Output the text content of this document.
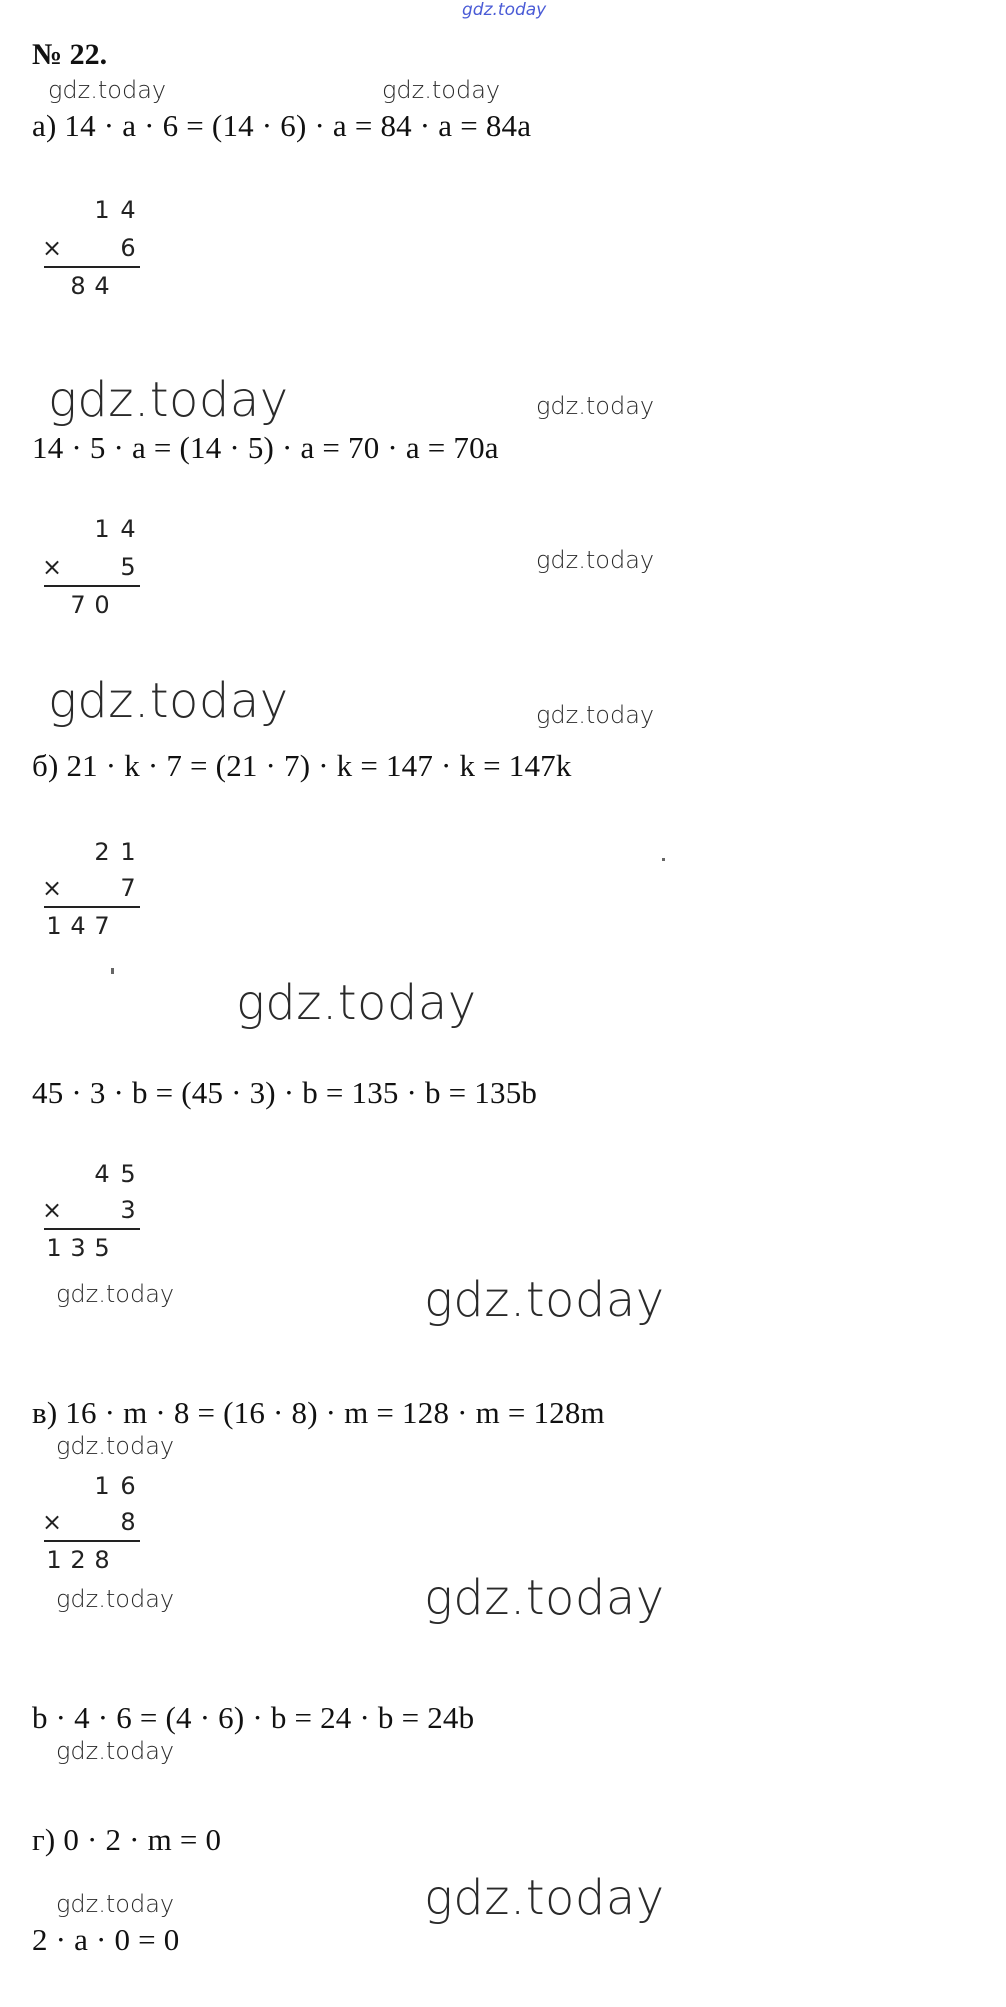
gdz.today
№ 22.
gdz.today	gdz.today
а) 14 · a · 6 = (14 · 6) · a = 84 · a = 84a
1 4
× 6
8 4
gdz.today	gdz.today
14 · 5 · a = (14 · 5) · a = 70 · a = 70a
1 4
× 5
7 0
gdz.today
gdz.today	gdz.today
б) 21 · k · 7 = (21 · 7) · k = 147 · k = 147k
2 1
× 7
1 4 7
gdz.today
45 · 3 · b = (45 · 3) · b = 135 · b = 135b
4 5
× 3
1 3 5
gdz.today	gdz.today
в) 16 · m · 8 = (16 · 8) · m = 128 · m = 128m
gdz.today
1 6
× 8
1 2 8
gdz.today	gdz.today
b · 4 · 6 = (4 · 6) · b = 24 · b = 24b
gdz.today
г) 0 · 2 · m = 0
gdz.today	gdz.today
2 · a · 0 = 0
